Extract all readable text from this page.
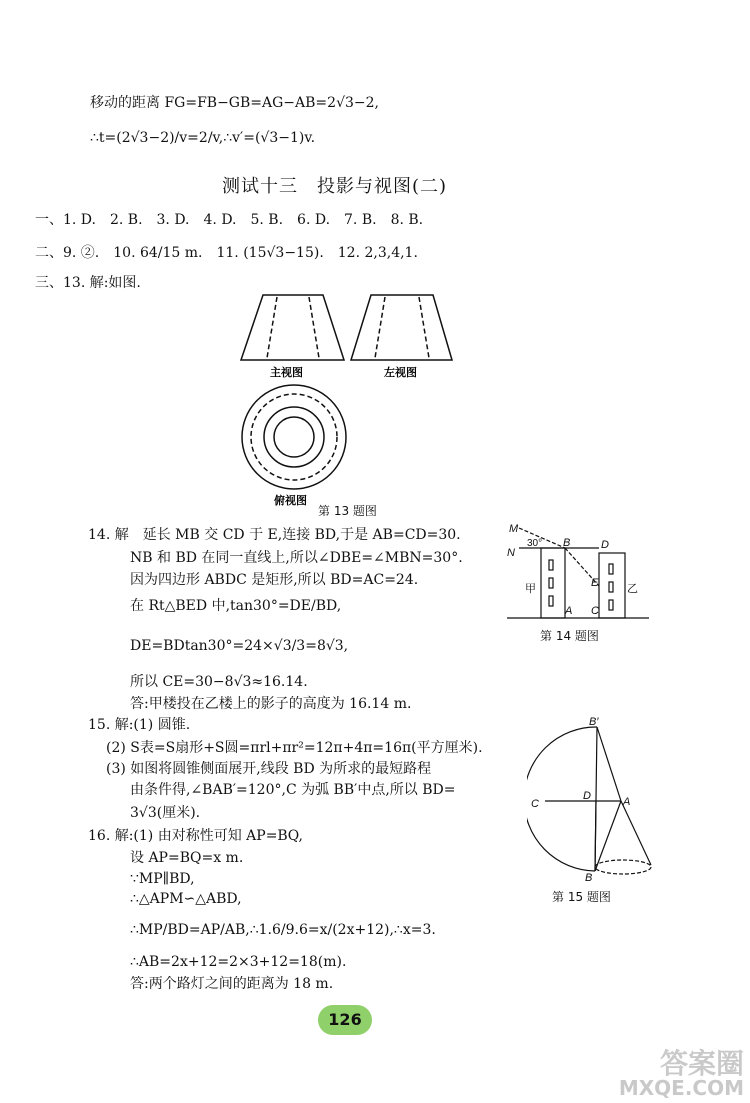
移动的距离 FG=FB−GB=AG−AB=2√3−2,
∴t=(2√3−2)/v=2/v,∴v′=(√3−1)v.
测试十三　投影与视图(二)
一、1. D.　2. B.　3. D.　4. D.　5. B.　6. D.　7. B.　8. B.
二、9. ②.　10. 64/15 m.　11. (15√3−15).　12. 2,3,4,1.
三、13. 解:如图.
主视图	左视图
俯视图
第 13 题图
14. 解　延长 MB 交 CD 于 E,连接 BD,于是 AB=CD=30.
NB 和 BD 在同一直线上,所以∠DBE=∠MBN=30°.
因为四边形 ABDC 是矩形,所以 BD=AC=24.
在 Rt△BED 中,tan30°=DE/BD,
DE=BDtan30°=24×√3/3=8√3,
所以 CE=30−8√3≈16.14.
答:甲楼投在乙楼上的影子的高度为 16.14 m.
M
N
30° B	D
E
甲	乙
A C
第 14 题图
15. 解:(1) 圆锥.
(2) S表=S扇形+S圆=πrl+πr²=12π+4π=16π(平方厘米).
(3) 如图将圆锥侧面展开,线段 BD 为所求的最短路程
由条件得,∠BAB′=120°,C 为弧 BB′中点,所以 BD=
3√3(厘米).
B′
C
D	A
B
第 15 题图
16. 解:(1) 由对称性可知 AP=BQ,
设 AP=BQ=x m.
∵MP∥BD,
∴△APM∽△ABD,
∴MP/BD=AP/AB,∴1.6/9.6=x/(2x+12),∴x=3.
∴AB=2x+12=2×3+12=18(m).
答:两个路灯之间的距离为 18 m.
126
答案圈
MXQE.COM
